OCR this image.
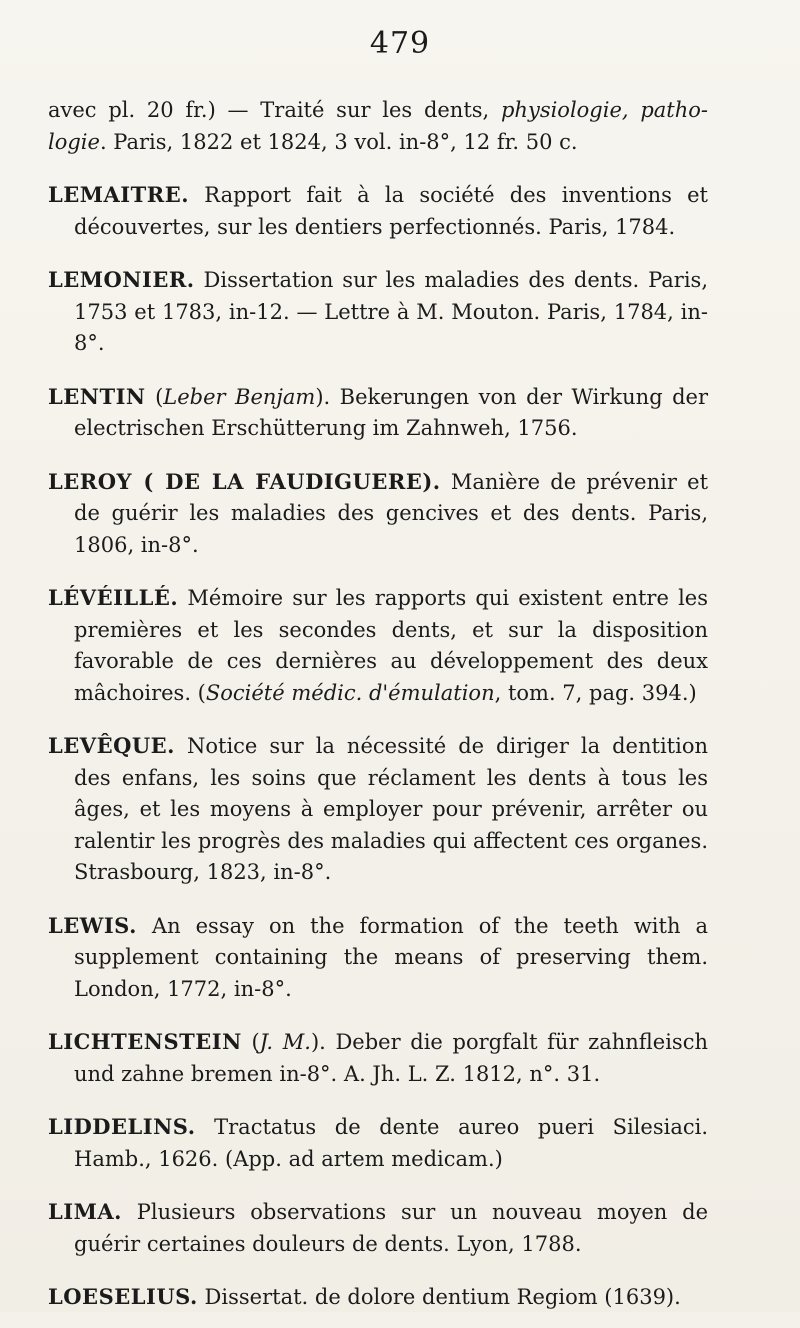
479

avec pl. 20 fr.) — Traité sur les dents, physiologie, patho-logie. Paris, 1822 et 1824, 3 vol. in-8°, 12 fr. 50 c.

LEMAITRE. Rapport fait à la société des inventions et découvertes, sur les dentiers perfectionnés. Paris, 1784.

LEMONIER. Dissertation sur les maladies des dents. Paris, 1753 et 1783, in-12. — Lettre à M. Mouton. Paris, 1784, in-8°.

LENTIN (Leber Benjam). Bekerungen von der Wirkung der electrischen Erschütterung im Zahnweh, 1756.

LEROY ( DE LA FAUDIGUERE). Manière de prévenir et de guérir les maladies des gencives et des dents. Paris, 1806, in-8°.

LÉVÉILLÉ. Mémoire sur les rapports qui existent entre les premières et les secondes dents, et sur la disposition favorable de ces dernières au développement des deux mâchoires. (Société médic. d'émulation, tom. 7, pag. 394.)

LEVÊQUE. Notice sur la nécessité de diriger la dentition des enfans, les soins que réclament les dents à tous les âges, et les moyens à employer pour prévenir, arrêter ou ralentir les progrès des maladies qui affectent ces organes. Strasbourg, 1823, in-8°.

LEWIS. An essay on the formation of the teeth with a supplement containing the means of preserving them. London, 1772, in-8°.

LICHTENSTEIN (J. M.). Deber die porgfalt für zahnfleisch und zahne bremen in-8°. A. Jh. L. Z. 1812, n°. 31.

LIDDELINS. Tractatus de dente aureo pueri Silesiaci. Hamb., 1626. (App. ad artem medicam.)

LIMA. Plusieurs observations sur un nouveau moyen de guérir certaines douleurs de dents. Lyon, 1788.

LOESELIUS. Dissertat. de dolore dentium Regiom (1639).
